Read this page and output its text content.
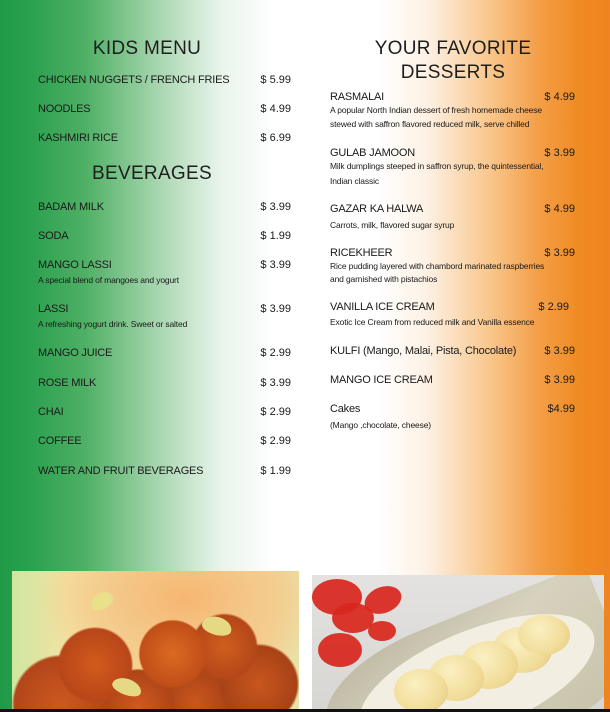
KIDS MENU
CHICKEN NUGGETS / FRENCH FRIES	$ 5.99
NOODLES	$ 4.99
KASHMIRI RICE	$ 6.99
BEVERAGES
BADAM MILK	$ 3.99
SODA	$ 1.99
MANGO LASSI	$ 3.99
A special blend of mangoes and yogurt
LASSI	$ 3.99
A refreshing yogurt drink. Sweet or salted
MANGO JUICE	$ 2.99
ROSE MILK	$ 3.99
CHAI	$ 2.99
COFFEE	$ 2.99
WATER AND FRUIT BEVERAGES	$ 1.99
YOUR FAVORITE
DESSERTS
RASMALAI	$ 4.99
A popular North Indian dessert of fresh homemade cheese
stewed with saffron flavored reduced milk, serve chilled
GULAB JAMOON	$ 3.99
Milk dumplings steeped in saffron syrup, the quintessential,
Indian classic
GAZAR KA HALWA	$ 4.99
Carrots, milk, flavored sugar syrup
RICEKHEER	$ 3.99
Rice pudding layered with chambord marinated raspberries
and garnished with pistachios
VANILLA ICE CREAM	$ 2.99
Exotic Ice Cream from reduced milk and Vanilla essence
KULFI (Mango, Malai, Pista, Chocolate)	$ 3.99
MANGO ICE CREAM	$ 3.99
Cakes	$4.99
(Mango ,chocolate, cheese)
